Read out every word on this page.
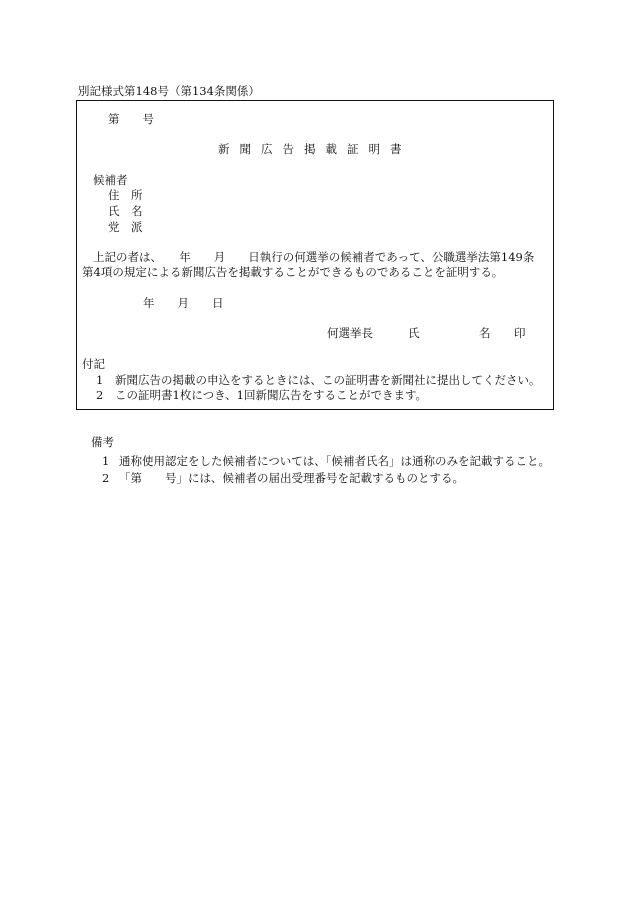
別記様式第148号（第134条関係）
第　　号
新聞広告掲載証明書
候補者
住　所
氏　名
党　派
上記の者は、　　年　　月　　日執行の何選挙の候補者であって、公職選挙法第149条
第4項の規定による新聞広告を掲載することができるものであることを証明する。
年　　月　　日
何選挙長	氏	名 印
付記
1 新聞広告の掲載の申込をするときには、この証明書を新聞社に提出してください。
2 この証明書1枚につき、1回新聞広告をすることができます。
備考
1 通称使用認定をした候補者については、「候補者氏名」は通称のみを記載すること。
2 「第　　号」には、候補者の届出受理番号を記載するものとする。
